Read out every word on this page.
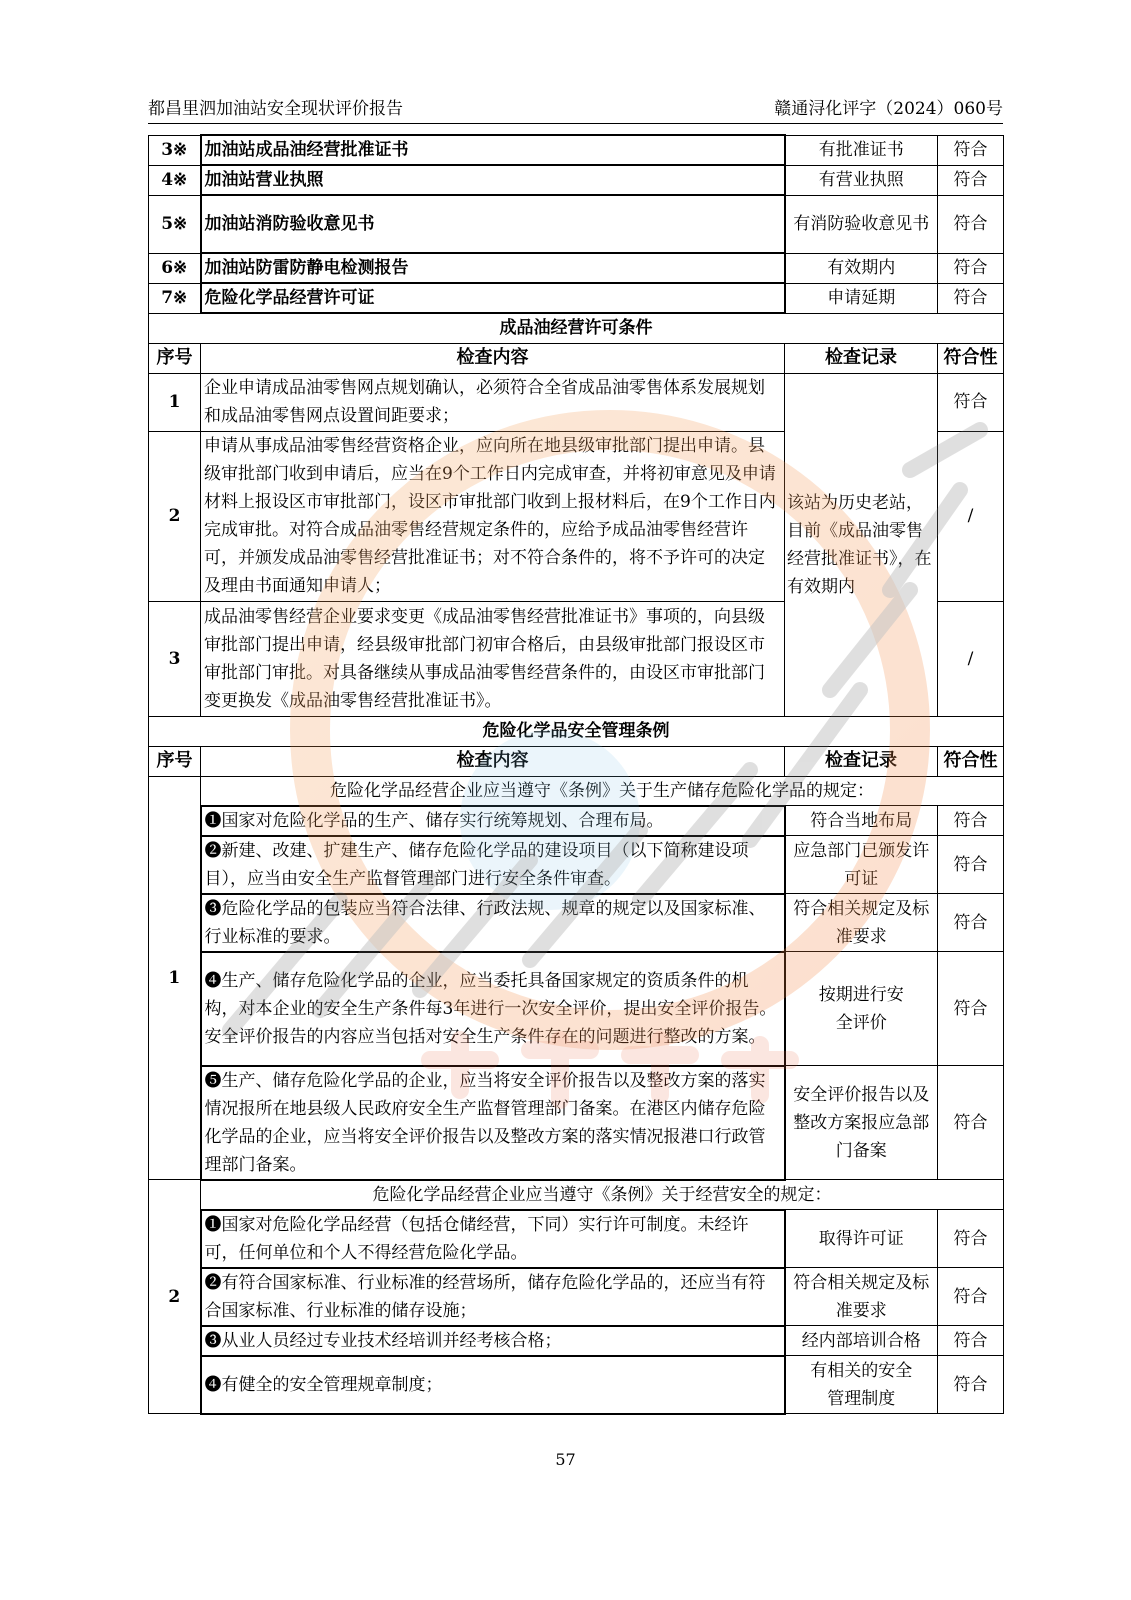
都昌里泗加油站安全现状评价报告	赣通浔化评字（2024）060号
3※	加油站成品油经营批准证书	有批准证书	符合
4※	加油站营业执照	有营业执照	符合
5※	加油站消防验收意见书	有消防验收意见书	符合
6※	加油站防雷防静电检测报告	有效期内	符合
7※	危险化学品经营许可证	申请延期	符合
成品油经营许可条件			
序号	检查内容	检查记录	符合性
1	企业申请成品油零售网点规划确认，必须符合全省成品油零售体系发展规划和成品油零售网点设置间距要求；	该站为历史老站，目前《成品油零售经营批准证书》，在有效期内	符合
2	申请从事成品油零售经营资格企业，应向所在地县级审批部门提出申请。县级审批部门收到申请后，应当在9个工作日内完成审查，并将初审意见及申请材料上报设区市审批部门，设区市审批部门收到上报材料后，在9个工作日内完成审批。对符合成品油零售经营规定条件的，应给予成品油零售经营许可，并颁发成品油零售经营批准证书；对不符合条件的，将不予许可的决定及理由书面通知申请人；		/
3	成品油零售经营企业要求变更《成品油零售经营批准证书》事项的，向县级审批部门提出申请，经县级审批部门初审合格后，由县级审批部门报设区市审批部门审批。对具备继续从事成品油零售经营条件的，由设区市审批部门变更换发《成品油零售经营批准证书》。		/
危险化学品安全管理条例			
序号	检查内容	检查记录	符合性
1	危险化学品经营企业应当遵守《条例》关于生产储存危险化学品的规定：		
	❶国家对危险化学品的生产、储存实行统筹规划、合理布局。	符合当地布局	符合
	❷新建、改建、扩建生产、储存危险化学品的建设项目（以下简称建设项目），应当由安全生产监督管理部门进行安全条件审查。	应急部门已颁发许可证	符合
	❸危险化学品的包装应当符合法律、行政法规、规章的规定以及国家标准、行业标准的要求。	符合相关规定及标准要求	符合
	❹生产、储存危险化学品的企业，应当委托具备国家规定的资质条件的机构，对本企业的安全生产条件每3年进行一次安全评价，提出安全评价报告。安全评价报告的内容应当包括对安全生产条件存在的问题进行整改的方案。	按期进行安全评价	符合
	❺生产、储存危险化学品的企业，应当将安全评价报告以及整改方案的落实情况报所在地县级人民政府安全生产监督管理部门备案。在港区内储存危险化学品的企业，应当将安全评价报告以及整改方案的落实情况报港口行政管理部门备案。	安全评价报告以及整改方案报应急部门备案	符合
2	危险化学品经营企业应当遵守《条例》关于经营安全的规定：		
	❶国家对危险化学品经营（包括仓储经营，下同）实行许可制度。未经许可，任何单位和个人不得经营危险化学品。	取得许可证	符合
	❷有符合国家标准、行业标准的经营场所，储存危险化学品的，还应当有符合国家标准、行业标准的储存设施；	符合相关规定及标准要求	符合
	❸从业人员经过专业技术经培训并经考核合格；	经内部培训合格	符合
	❹有健全的安全管理规章制度；	有相关的安全管理制度	符合
57
